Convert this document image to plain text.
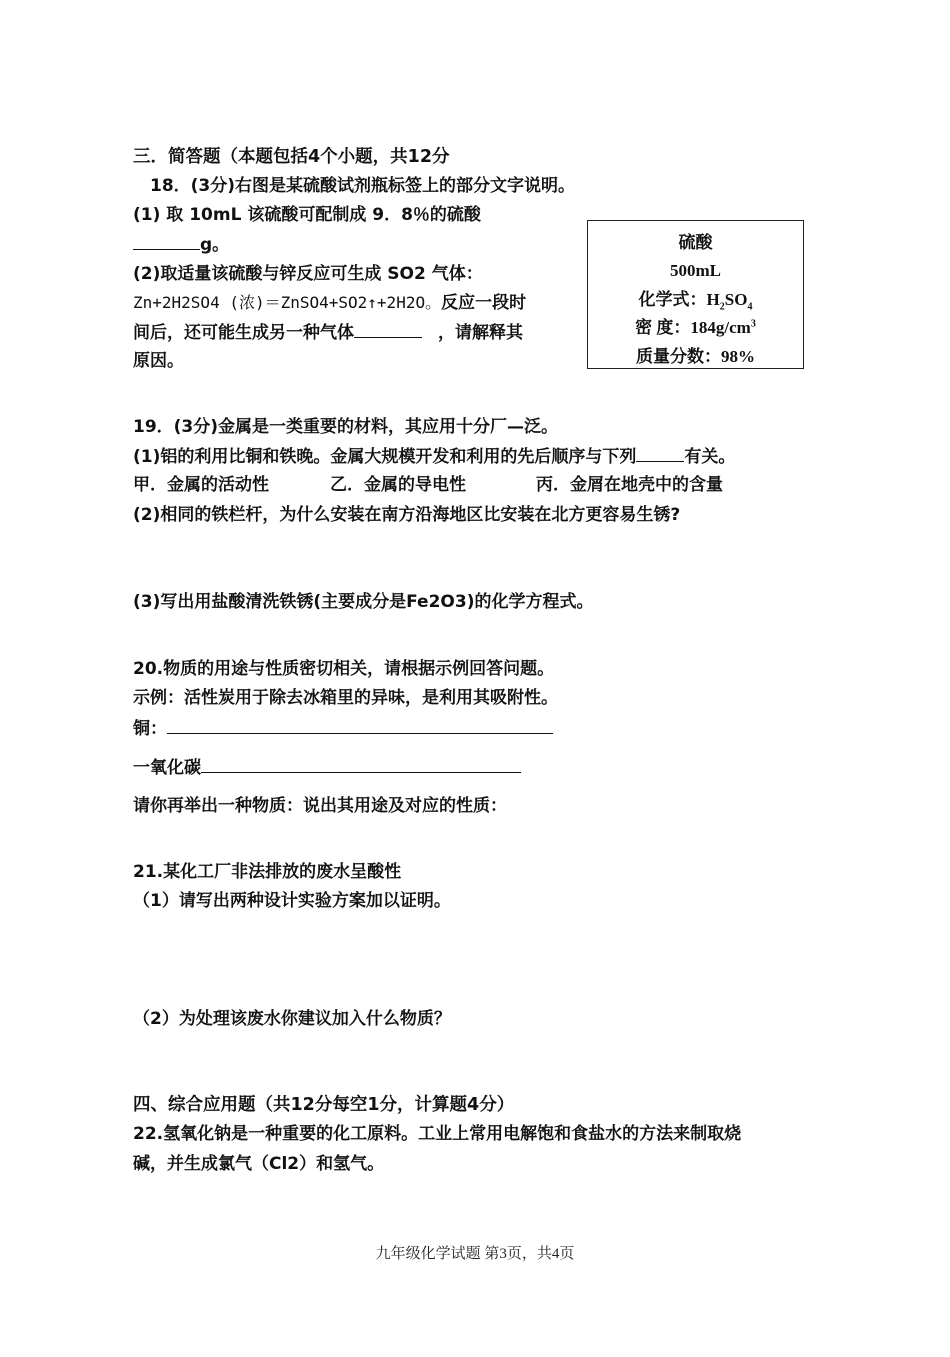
三．简答题（本题包括4个小题，共12分
18．(3分)右图是某硫酸试剂瓶标签上的部分文字说明。
(1) 取 10mL 该硫酸可配制成 9．8％的硫酸
g。
(2)取适量该硫酸与锌反应可生成 SO2 气体：
Zn+2H2SO4 (浓)＝ZnSO4+SO2↑+2H2O。反应一段时
间后，还可能生成另一种气体	，请解释其
原因。
硫酸
500mL
化学式：$H_2SO_4$
密 度：$184g/cm^3$
质量分数：98%
19．(3分)金属是一类重要的材料，其应用十分厂—泛。
(1)铝的利用比铜和铁晚。金属大规模开发和利用的先后顺序与下列	有关。
甲．金属的活动性	乙．金属的导电性	丙．金屑在地壳中的含量
(2)相同的铁栏杆，为什么安装在南方沿海地区比安装在北方更容易生锈?
(3)写出用盐酸清洗铁锈(主要成分是Fe2O3)的化学方程式。
20.物质的用途与性质密切相关，请根据示例回答问题。
示例：活性炭用于除去冰箱里的异味，是利用其吸附性。
铜：
一氧化碳
请你再举出一种物质：说出其用途及对应的性质：
21.某化工厂非法排放的废水呈酸性
（1）请写出两种设计实验方案加以证明。
（2）为处理该废水你建议加入什么物质？
四、综合应用题（共12分每空1分，计算题4分）
22.氢氧化钠是一种重要的化工原料。工业上常用电解饱和食盐水的方法来制取烧
碱，并生成氯气（Cl2）和氢气。
九年级化学试题 第3页，共4页
